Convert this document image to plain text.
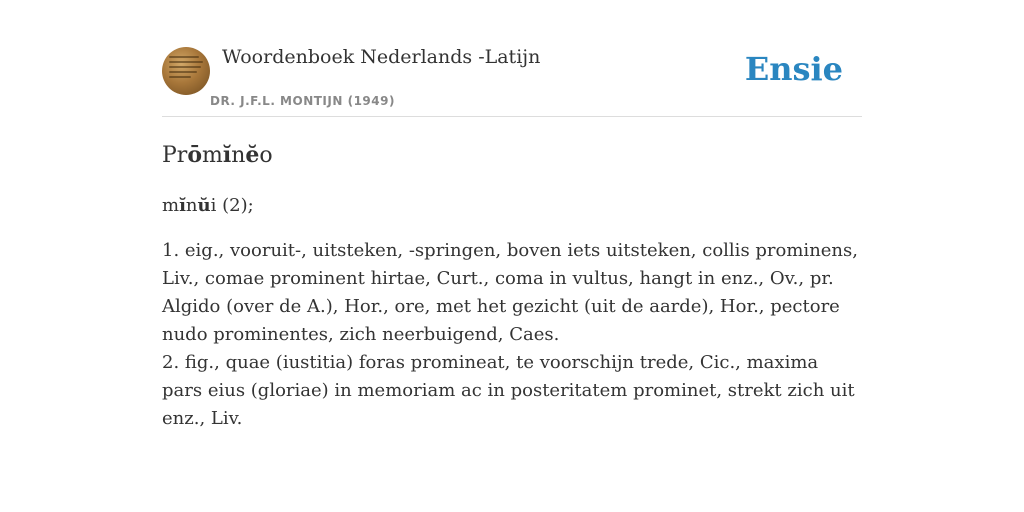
Woordenboek Nederlands -Latijn
DR. J.F.L. MONTIJN (1949)
Ensie
Prōmĭnĕo
mĭnŭi (2);

1. eig., vooruit-, uitsteken, -springen, boven iets uitsteken, collis prominens, Liv., comae prominent hirtae, Curt., coma in vultus, hangt in enz., Ov., pr. Algido (over de A.), Hor., ore, met het gezicht (uit de aarde), Hor., pectore nudo prominentes, zich neerbuigend, Caes.

2. fig., quae (iustitia) foras promineat, te voorschijn trede, Cic., maxima pars eius (gloriae) in memoriam ac in posteritatem prominet, strekt zich uit enz., Liv.
